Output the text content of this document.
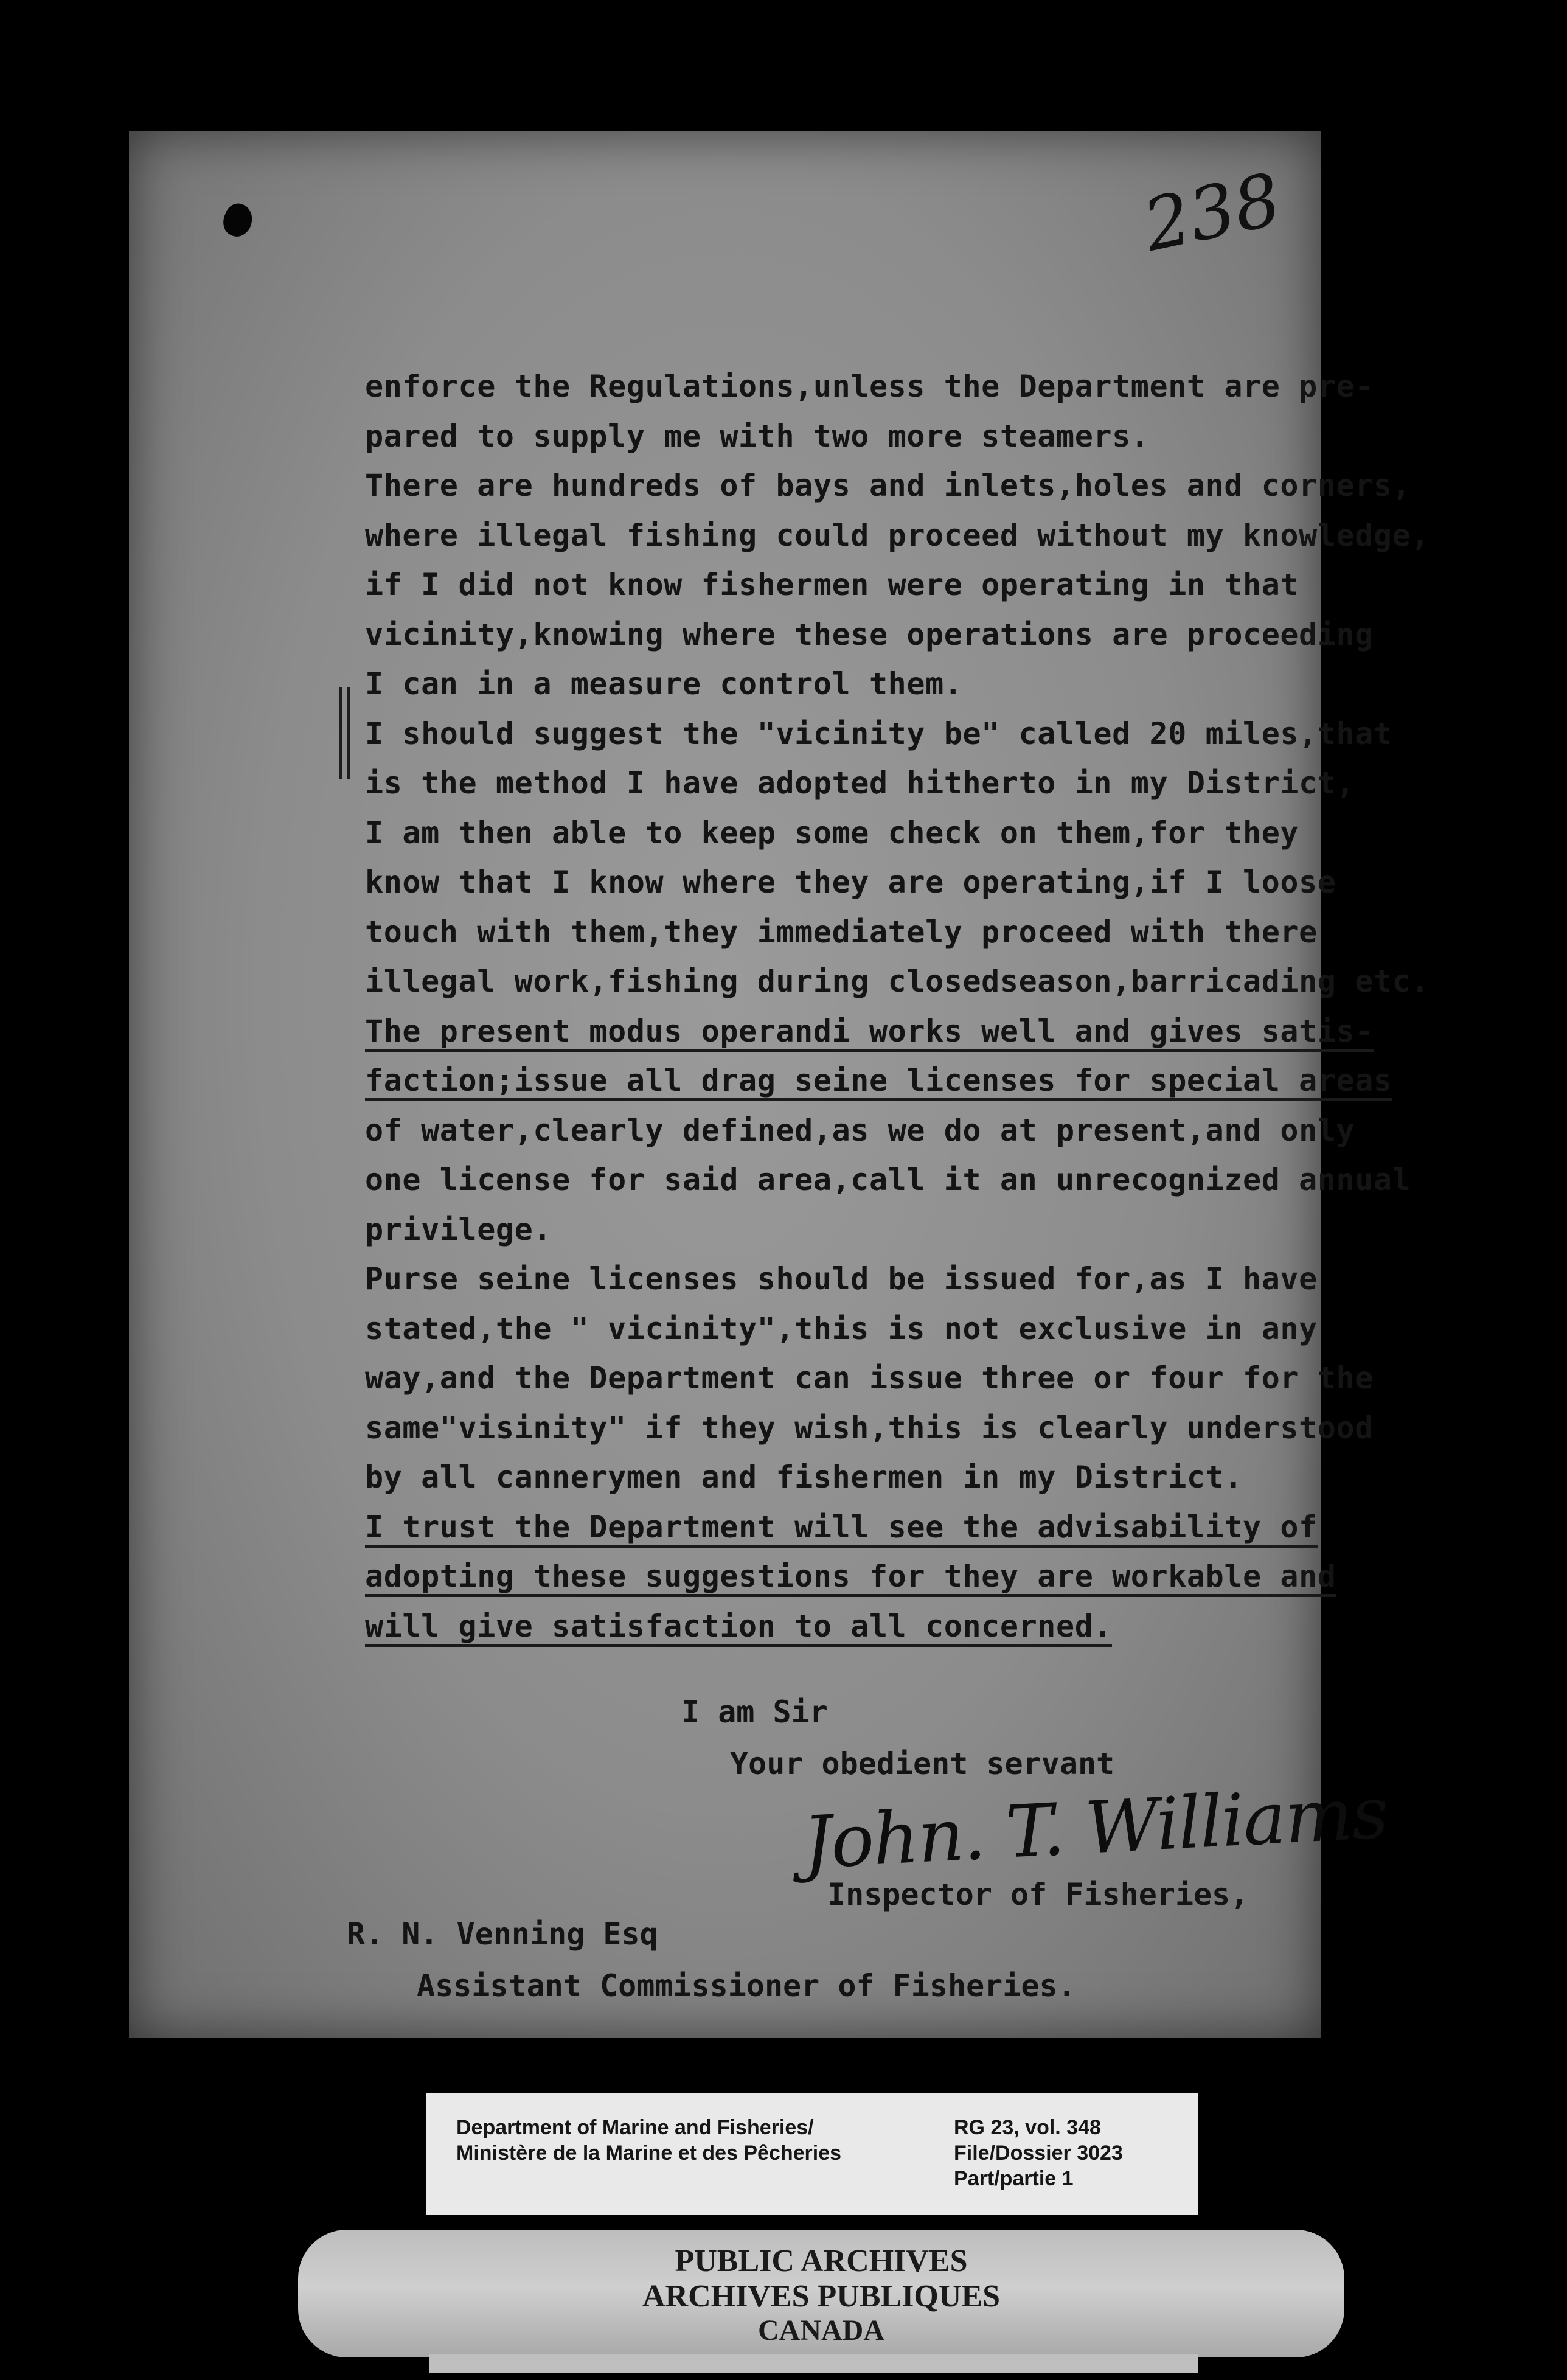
238
enforce the Regulations,unless the Department are pre-
pared to supply me with two more steamers.
There are hundreds of bays and inlets,holes and corners,
where illegal fishing could proceed without my knowledge,
if I did not know fishermen were operating in that
vicinity,knowing where these operations are proceeding
I can in a measure control them.
I should suggest the "vicinity be" called 20 miles,that
is the method I have adopted hitherto in my District,
I am then able to keep some check on them,for they
know that I know where they are operating,if I loose
touch with them,they immediately proceed with there
illegal work,fishing during closedseason,barricading etc.
The present modus operandi works well and gives satis-
faction;issue all drag seine licenses for special areas
of water,clearly defined,as we do at present,and only
one license for said area,call it an unrecognized annual
privilege.
Purse seine licenses should be issued for,as I have
stated,the " vicinity",this is not exclusive in any
way,and the Department can issue three or four for the
same"visinity" if they wish,this is clearly understood
by all cannerymen and fishermen in my District.
I trust the Department will see the advisability of
adopting these suggestions for they are workable and
will give satisfaction to all concerned.
I am Sir
Your obedient servant
John. T. Williams
Inspector of Fisheries,
R. N. Venning Esq
Assistant Commissioner of Fisheries.
Department of Marine and Fisheries/
Ministère de la Marine et des Pêcheries
RG 23, vol. 348
File/Dossier 3023
Part/partie 1
PUBLIC ARCHIVES
ARCHIVES PUBLIQUES
CANADA
